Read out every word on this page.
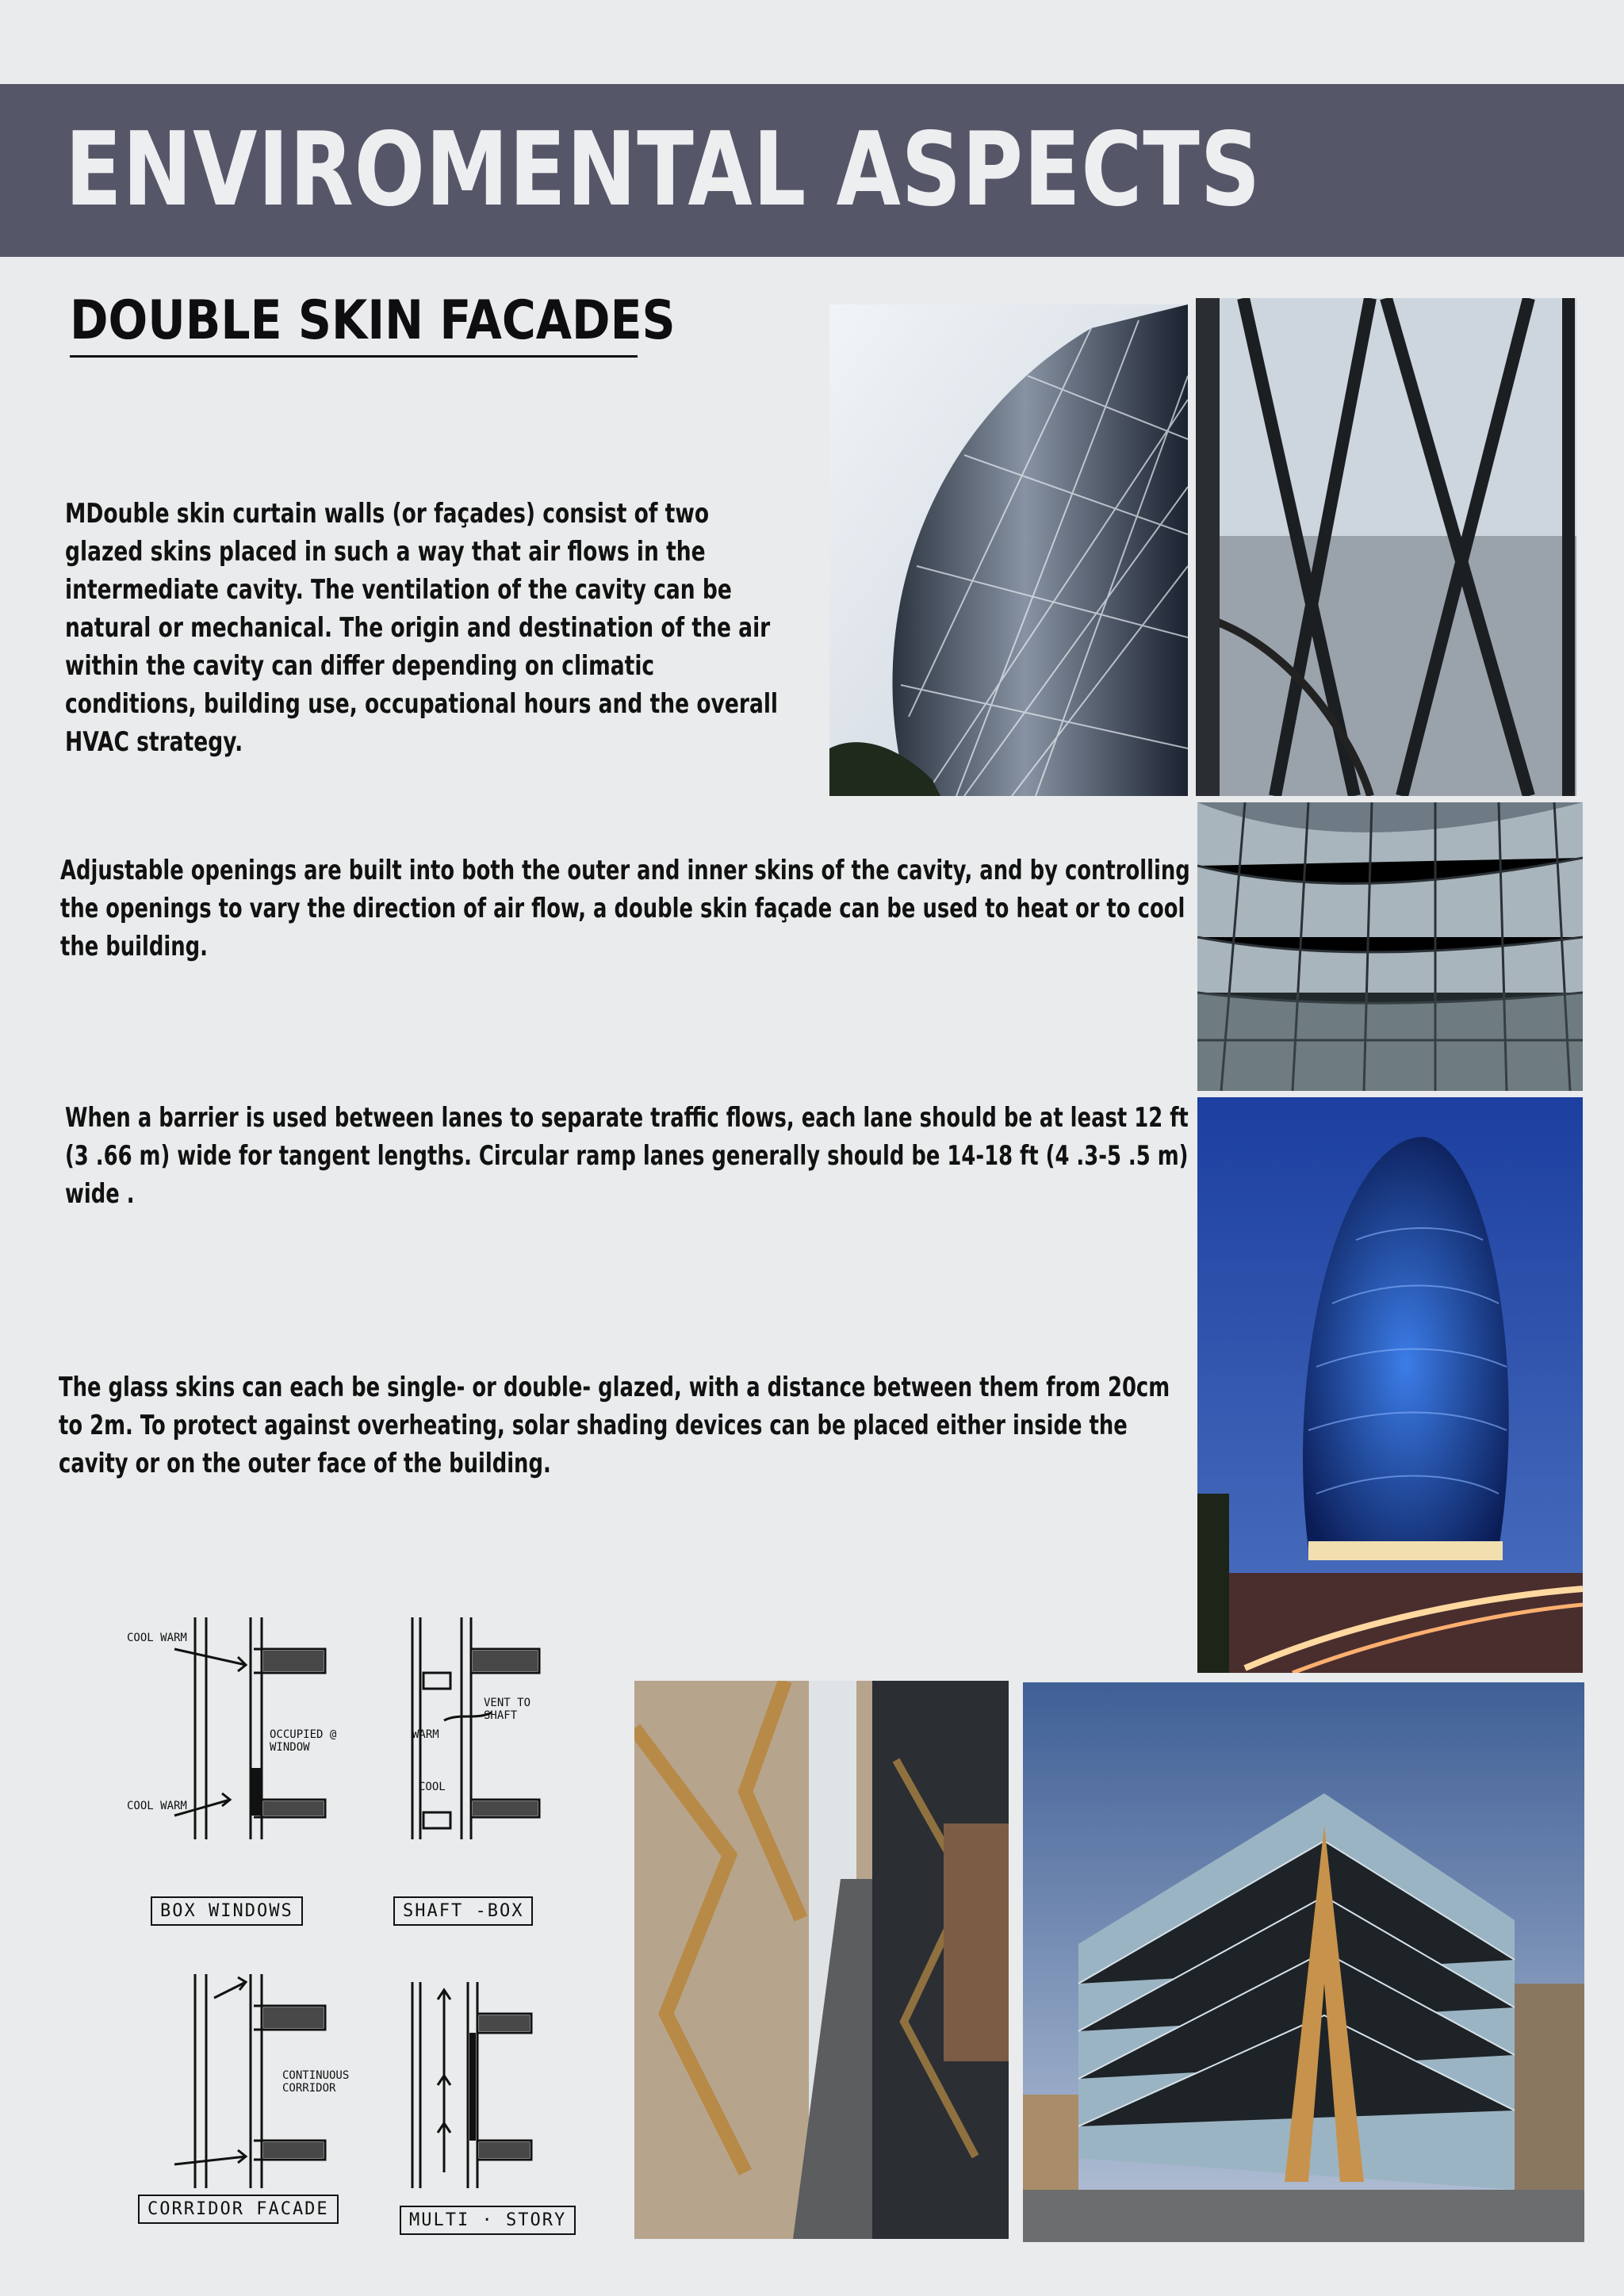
ENVIROMENTAL ASPECTS
DOUBLE SKIN FACADES

MDouble skin curtain walls (or façades) consist of two glazed skins placed in such a way that air flows in the intermediate cavity. The ventilation of the cavity can be natural or mechanical. The origin and destination of the air within the cavity can differ depending on climatic conditions, building use, occupational hours and the overall HVAC strategy.

Adjustable openings are built into both the outer and inner skins of the cavity, and by controlling the openings to vary the direction of air flow, a double skin façade can be used to heat or to cool the building.

When a barrier is used between lanes to separate traffic flows, each lane should be at least 12 ft (3 .66 m) wide for tangent lengths. Circular ramp lanes generally should be 14-18 ft (4 .3-5 .5 m) wide .

The glass skins can each be single- or double- glazed, with a distance between them from 20cm to 2m. To protect against overheating, solar shading devices can be placed either inside the cavity or on the outer face of the building.

COOL WARM
OCCUPIED @ WINDOW
COOL WARM
BOX WINDOWS
VENT TO SHAFT
WARM
COOL
SHAFT -BOX
CONTINUOUS CORRIDOR
CORRIDOR FACADE
MULTI · STORY
